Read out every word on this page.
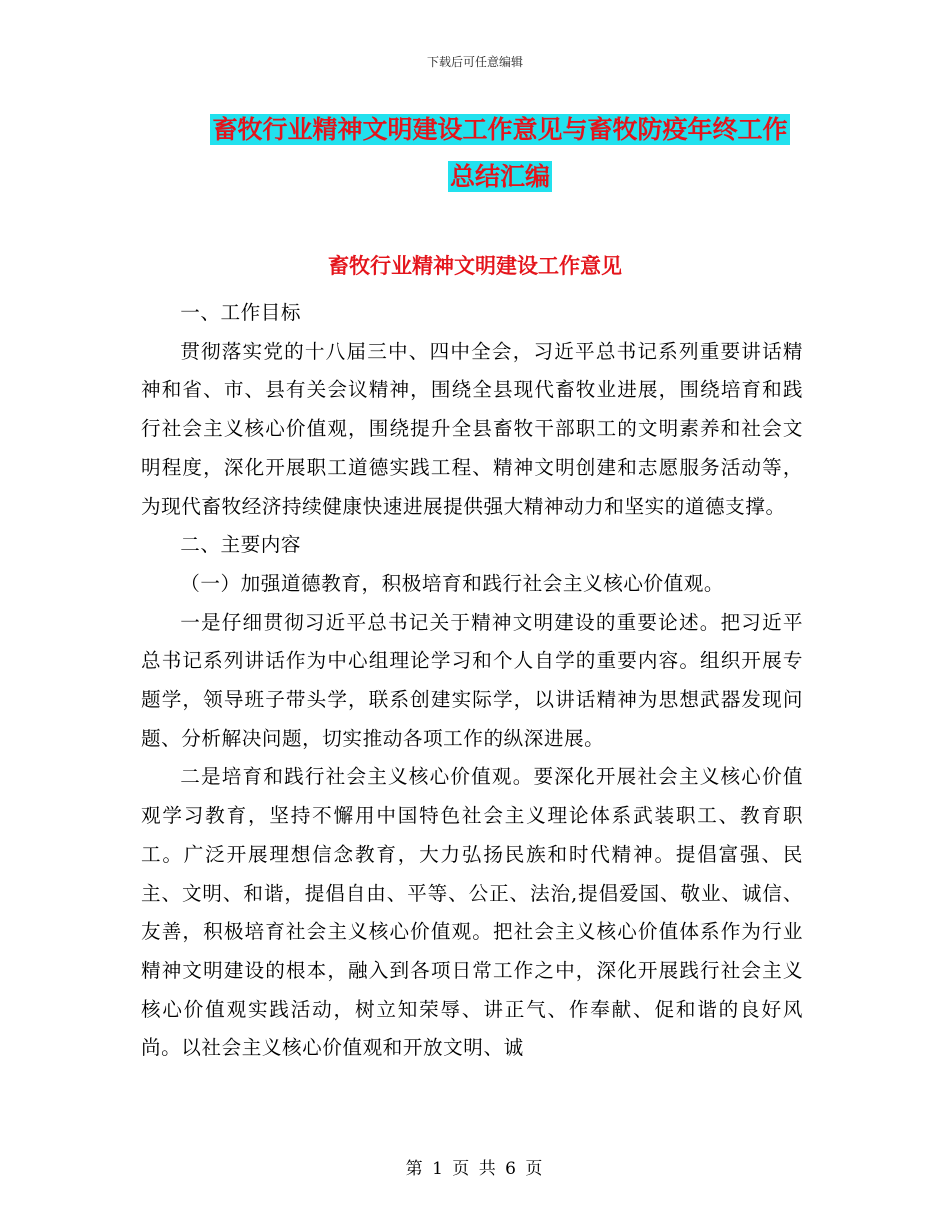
下载后可任意编辑
畜牧行业精神文明建设工作意见与畜牧防疫年终工作
总结汇编
畜牧行业精神文明建设工作意见

一、工作目标

贯彻落实党的十八届三中、四中全会，习近平总书记系列重要讲话精神和省、市、县有关会议精神，围绕全县现代畜牧业进展，围绕培育和践行社会主义核心价值观，围绕提升全县畜牧干部职工的文明素养和社会文明程度，深化开展职工道德实践工程、精神文明创建和志愿服务活动等，为现代畜牧经济持续健康快速进展提供强大精神动力和坚实的道德支撑。

二、主要内容

（一）加强道德教育，积极培育和践行社会主义核心价值观。

一是仔细贯彻习近平总书记关于精神文明建设的重要论述。把习近平总书记系列讲话作为中心组理论学习和个人自学的重要内容。组织开展专题学，领导班子带头学，联系创建实际学，以讲话精神为思想武器发现问题、分析解决问题，切实推动各项工作的纵深进展。

二是培育和践行社会主义核心价值观。要深化开展社会主义核心价值观学习教育，坚持不懈用中国特色社会主义理论体系武装职工、教育职工。广泛开展理想信念教育，大力弘扬民族和时代精神。提倡富强、民主、文明、和谐，提倡自由、平等、公正、法治,提倡爱国、敬业、诚信、友善，积极培育社会主义核心价值观。把社会主义核心价值体系作为行业精神文明建设的根本，融入到各项日常工作之中，深化开展践行社会主义核心价值观实践活动，树立知荣辱、讲正气、作奉献、促和谐的良好风尚。以社会主义核心价值观和开放文明、诚

第 1 页 共 6 页
